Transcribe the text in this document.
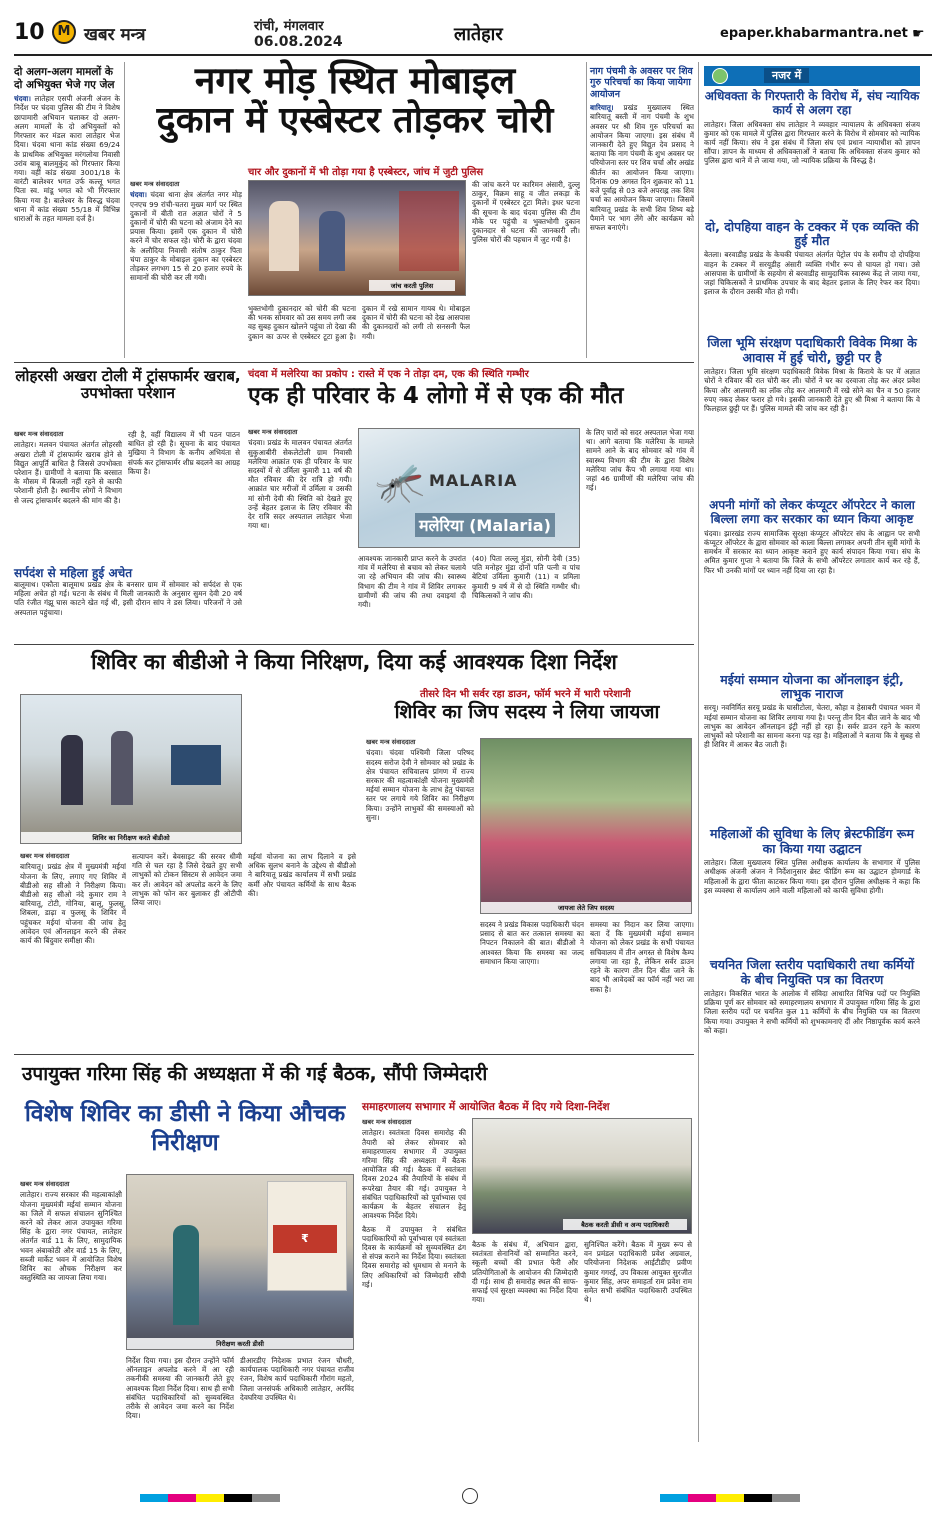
10 M खबर मन्त्र	रांची, मंगलवार
06.08.2024	लातेहार	epaper.khabarmantra.net ☛
दो अलग-अलग मामलों के दो अभियुक्त भेजे गए जेल
चंदवा। लातेहार एसपी अंजनी अंजन के निर्देश पर चंदवा पुलिस की टीम ने विशेष छापामारी अभियान चलाकर दो अलग-अलग मामलों के दो अभियुक्तों को गिरफ्तार कर मंडल कारा लातेहार भेज दिया। चंदवा थाना कांड संख्या 69/24 के प्राथमिक अभियुक्त मरंगलोया निवासी उरांव बाबू बालमुकुंद को गिरफ्तार किया गया। वहीं कांड संख्या 3001/18 के वारंटी बालेश्वर भगत उर्फ कल्लू भगत पिता स्व. मांडू भगत को भी गिरफ्तार किया गया है। बालेश्वर के विरुद्ध चंदवा थाना में कांड संख्या 55/18 में विभिन्न धाराओं के तहत मामला दर्ज है।
नगर मोड़ स्थित मोबाइल
दुकान में एस्बेस्टर तोड़कर चोरी
चार और दुकानों में भी तोड़ा गया है एस्बेस्टर, जांच में जुटी पुलिस
खबर मन्त्र संवाददाता
चंदवा। चंदवा थाना क्षेत्र अंतर्गत नगर मोड़ एनएच 99 रांची-चतरा मुख्य मार्ग पर स्थित दुकानों में बीती रात अज्ञात चोरों ने 5 दुकानों में चोरी की घटना को अंजाम देने का प्रयास किया। इसमें एक दुकान में चोरी करने में चोर सफल रहे। चोरी के द्वारा चंदवा के अलौदिया निवासी संतोष ठाकुर पिता चंपा ठाकुर के मोबाइल दुकान का एस्बेस्टर तोड़कर लगभग 15 से 20 हजार रुपये के सामानों की चोरी कर ली गयी।
जांच करती पुलिस
की जांच करने पर कारिमन अंसारी, दुल्लू ठाकुर, विक्रम साहू व जीत लकड़ा के दुकानों में एस्बेस्टर टूटा मिले। इधर घटना की सूचना के बाद चंदवा पुलिस की टीम मौके पर पहुंची व भुक्तभोगी दुकान दुकानदार से घटना की जानकारी ली। पुलिस चोरों की पहचान में जुट गयी है।
भुक्तभोगी दुकानदार को चोरी की घटना की भनक सोमवार को उस समय लगी जब वह सुबह दुकान खोलने पहुंचा तो देखा की दुकान का ऊपर से एस्बेस्टर टूटा हुआ है। दुकान में रखे सामान गायब थे। मोबाइल दुकान में चोरी की घटना को देख आसपास की दुकानदारों को लगी तो सनसनी फैल गयी।
नाग पंचमी के अवसर पर शिव गुरु परिचर्चा का किया जायेगा आयोजन
बारियातू। प्रखंड मुख्यालय स्थित बारियातू बस्ती में नाग पंचमी के शुभ अवसर पर श्री शिव गुरु परिचर्चा का आयोजन किया जाएगा। इस संबंध में जानकारी देते हुए विद्युत देव प्रसाद ने बताया कि नाग पंचमी के शुभ अवसर पर परियोजना स्तर पर शिव चर्चा और अखंड कीर्तन का आयोजन किया जाएगा। दिनांक 09 अगस्त दिन शुक्रवार को 11 बजे पूर्वाह्न से 03 बजे अपराह्न तक शिव चर्चा का आयोजन किया जाएगा। जिसमें बारियातू प्रखंड के सभी शिव शिष्य बड़े पैमाने पर भाग लेंगे और कार्यक्रम को सफल बनाएंगे।
नजर में
अधिवक्ता के गिरफ्तारी के विरोध में, संघ न्यायिक कार्य से अलग रहा
लातेहार। जिला अधिवक्ता संघ लातेहार ने व्यवहार न्यायालय के अधिवक्ता संजय कुमार को एक मामले में पुलिस द्वारा गिरफ्तार करने के विरोध में सोमवार को न्यायिक कार्य नहीं किया। संघ ने इस संबंध में जिला संघ एवं प्रधान न्यायाधीश को ज्ञापन सौंपा। ज्ञापन के माध्यम से अधिवक्ताओं ने बताया कि अधिवक्ता संजय कुमार को पुलिस द्वारा थाने में ले जाया गया, जो न्यायिक प्रक्रिया के विरुद्ध है।
दो, दोपहिया वाहन के टक्कर में एक व्यक्ति की हुई मौत
बेतला। बरवाडीह प्रखंड के केचकी पंचायत अंतर्गत पेट्रोल पंप के समीप दो दोपहिया वाहन के टक्कर में सरयूडीह अंसारी व्यक्ति गंभीर रूप से घायल हो गया। उसे आसपास के ग्रामीणों के सहयोग से बरवाडीह सामुदायिक स्वास्थ्य केंद्र ले जाया गया, जहां चिकित्सकों ने प्राथमिक उपचार के बाद बेहतर इलाज के लिए रेफर कर दिया। इलाज के दौरान उसकी मौत हो गयी।
जिला भूमि संरक्षण पदाधिकारी विवेक मिश्रा के आवास में हुई चोरी, छुट्टी पर है
लातेहार। जिला भूमि संरक्षण पदाधिकारी विवेक मिश्रा के किराये के घर में अज्ञात चोरों ने रविवार की रात चोरी कर ली। चोरों ने घर का दरवाजा तोड़ कर अंदर प्रवेश किया और आलमारी का लॉक तोड़ कर आलमारी में रखे सोने का चैन व 50 हजार रुपए नकद लेकर फरार हो गये। इसकी जानकारी देते हुए श्री मिश्रा ने बताया कि वे फिलहाल छुट्टी पर हैं। पुलिस मामले की जांच कर रही है।
अपनी मांगों को लेकर कंप्यूटर ऑपरेटर ने काला बिल्ला लगा कर सरकार का ध्यान किया आकृष्ट
चंदवा। झारखंड राज्य सामाजिक सुरक्षा कंप्यूटर ऑपरेटर संघ के आह्वान पर सभी कंप्यूटर ऑपरेटर के द्वारा सोमवार को काला बिल्ला लगाकर अपनी तीन सूत्री मांगों के समर्थन में सरकार का ध्यान आकृष्ट कराने हुए कार्य संपादन किया गया। संघ के अमित कुमार गुप्ता ने बताया कि जिले के सभी ऑपरेटर लगातार कार्य कर रहे हैं, फिर भी उनकी मांगों पर ध्यान नहीं दिया जा रहा है।
मईयां सम्मान योजना का ऑनलाइन इंट्री, लाभुक नाराज
सरयू। नवनिर्मित सरयू प्रखंड के घासीटोला, चेतरा, कौहा व हेसाबरी पंचायत भवन में मईयां सम्मान योजना का शिविर लगाया गया है। परन्तु तीन दिन बीत जाने के बाद भी लाभुक का आवेदन ऑनलाइन इंट्री नहीं हो रहा है। सर्वर डाउन रहने के कारण लाभुकों को परेशानी का सामना करना पड़ रहा है। महिलाओं ने बताया कि वे सुबह से ही शिविर में आकर बैठ जाती हैं।
महिलाओं की सुविधा के लिए ब्रेस्टफीडिंग रूम का किया गया उद्घाटन
लातेहार। जिला मुख्यालय स्थित पुलिस अधीक्षक कार्यालय के सभागार में पुलिस अधीक्षक अंजनी अंजन ने निर्देशानुसार ब्रेस्ट फीडिंग रूम का उद्घाटन होमगार्ड के महिलाओं के द्वारा फीता काटकर किया गया। इस दौरान पुलिस अधीक्षक ने कहा कि इस व्यवस्था से कार्यालय आने वाली महिलाओं को काफी सुविधा होगी।
चयनित जिला स्तरीय पदाधिकारी तथा कर्मियों के बीच नियुक्ति पत्र का वितरण
लातेहार। विकसित भारत के आलोक में संविदा आधारित विभिन्न पदों पर नियुक्ति प्रक्रिया पूर्ण कर सोमवार को समाहरणालय सभागार में उपायुक्त गरिमा सिंह के द्वारा जिला स्तरीय पदों पर चयनित कुल 11 कर्मियों के बीच नियुक्ति पत्र का वितरण किया गया। उपायुक्त ने सभी कर्मियों को शुभकामनाएं दीं और निष्ठापूर्वक कार्य करने को कहा।
लोहरसी अखरा टोली में ट्रांसफार्मर खराब, उपभोक्ता परेशान
खबर मन्त्र संवाददाता
लातेहार। मलवन पंचायत अंतर्गत लोहरसी अखरा टोली में ट्रांसफार्मर खराब होने से विद्युत आपूर्ति बाधित है जिससे उपभोक्ता परेशान हैं। ग्रामीणों ने बताया कि बरसात के मौसम में बिजली नहीं रहने से काफी परेशानी होती है। स्थानीय लोगों ने विभाग से जल्द ट्रांसफार्मर बदलने की मांग की है।
रही है, वहीं विद्यालय में भी पठन पाठन बाधित हो रही है। सूचना के बाद पंचायत मुखिया ने विभाग के कनीय अभियंता से संपर्क कर ट्रांसफार्मर शीघ्र बदलने का आग्रह किया है।
सर्पदंश से महिला हुई अचेत
बालूमाथ। एकौता बालूमाथ प्रखंड क्षेत्र के बनसार ग्राम में सोमवार को सर्पदंश से एक महिला अचेत हो गई। घटना के संबंध में मिली जानकारी के अनुसार सुमन देवी 20 वर्ष पति रंजीत गंझू घास काटने खेत गई थी, इसी दौरान सांप ने डस लिया। परिजनों ने उसे अस्पताल पहुंचाया।
चंदवा में मलेरिया का प्रकोप : रास्ते में एक ने तोड़ा दम, एक की स्थिति गम्भीर
एक ही परिवार के 4 लोगो में से एक की मौत
खबर मन्त्र संवाददाता
चंदवा। प्रखंड के मालवन पंचायत अंतर्गत सुकुआबीरी सेकलेटोली ग्राम निवासी मलेरिया आक्रांत एक ही परिवार के चार सदस्यों में से उर्मिला कुमारी 11 वर्ष की मौत रविवार की देर रात्रि हो गयी। आक्रांत चार मरीजों में उर्मिला व उसकी मां सोनी देवी की स्थिति को देखते हुए उन्हें बेहतर इलाज के लिए रविवार की देर रात्रि सदर अस्पताल लातेहार भेजा गया था।
🦟 MALARIA
मलेरिया (Malaria)
आवश्यक जानकारी प्राप्त करने के उपरांत गांव में मलेरिया से बचाव को लेकर चलाये जा रहे अभियान की जांच की। स्वास्थ्य विभाग की टीम ने गांव में शिविर लगाकर ग्रामीणों की जांच की तथा दवाइयां दी गयी।
(40) पिता लल्लू मुंडा, सोनी देवी (35) पति मनोहर मुंडा दोनों पति पत्नी व पांच बेटियां उर्मिला कुमारी (11) व प्रमिला कुमारी 9 वर्ष में से दो स्थिति गम्भीर थी। चिकित्सकों ने जांच की।
के लिए चारों को सदर अस्पताल भेजा गया था। आगे बताया कि मलेरिया के मामले सामने आने के बाद सोमवार को गांव में स्वास्थ्य विभाग की टीम के द्वारा विशेष मलेरिया जांच कैंप भी लगाया गया था। जहां 46 ग्रामीणों की मलेरिया जांच की गई।
शिविर का बीडीओ ने किया निरिक्षण, दिया कई आवश्यक दिशा निर्देश
तीसरे दिन भी सर्वर रहा डाउन, फॉर्म भरने में भारी परेशानी
शिविर का जिप सदस्य ने लिया जायजा
शिविर का निरीक्षण करते बीडीओ
खबर मन्त्र संवाददाता
चंदवा। चंदवा पश्चिमी जिला परिषद सदस्य सरोज देवी ने सोमवार को प्रखंड के क्षेत्र पंचायत सचिवालय प्रांगण में राज्य सरकार की महत्वाकांक्षी योजना मुख्यमंत्री मईयां सम्मान योजना के लाभ हेतु पंचायत स्तर पर लगाये गये शिविर का निरीक्षण किया। उन्होंने लाभुकों की समस्याओं को सुना।
जायजा लेते जिप सदस्य
खबर मन्त्र संवाददाता
बारियातू। प्रखंड क्षेत्र में मुख्यमंत्री मईयां योजना के लिए, लगाए गए शिविर में बीडीओ सह सीओ ने निरीक्षण किया। बीडीओ सह सीओ नंदे कुमार राम ने बारियातू, टोटी, गोनिया, बालू, फुलसू, शिबला, डाढ़ा व फुलसू के शिविर में पहुंचकर मईयां योजना की जांच हेतु आवेदन एवं ऑनलाइन करने की लेकर कार्य की बिंदुवार समीक्षा की।
सत्यापन करें। बेवसाइट की सरवर धीमी गति से चल रहा है जिसे देखते हुए सभी लाभुकों को टोकन सिस्टम से आवेदन जमा कर लें। आवेदन को अपलोड करने के लिए लाभुक को फोन कर बुलाकर ही ओटीपी लिया जाए।
मईयां योजना का लाभ दिलाने व इसे अधिक सुलभ बनाने के उद्देश्य से बीडीओ ने बारियातू प्रखंड कार्यालय में सभी प्रखंड कर्मी और पंचायत कर्मियों के साथ बैठक की।
सदस्य ने प्रखंड विकास पदाधिकारी चंदन प्रसाद से बात कर तत्काल समस्या का निपटन निकालने की बात। बीडीओ ने आश्वस्त किया कि समस्या का जल्द समाधान किया जाएगा।
समस्या का निदान कर लिया जाएगा। बता दें कि मुख्यमंत्री मईयां सम्मान योजना को लेकर प्रखंड के सभी पंचायत सचिवालय में तीन अगस्त से विशेष कैम्प लगाया जा रहा है, लेकिन सर्वर डाउन रहने के कारण तीन दिन बीत जाने के बाद भी आवेदकों का फॉर्म नहीं भरा जा सका है।
उपायुक्त गरिमा सिंह की अध्यक्षता में की गई बैठक, सौंपी जिम्मेदारी
विशेष शिविर का डीसी ने किया औचक निरीक्षण
समाहरणालय सभागार में आयोजित बैठक में दिए गये दिशा-निर्देश
खबर मन्त्र संवाददाता
लातेहार। राज्य सरकार की महत्वाकांक्षी योजना मुख्यमंत्री मईयां सम्मान योजना का जिले में सफल संचालन सुनिश्चित करने को लेकर आज उपायुक्त गरिमा सिंह के द्वारा नगर पंचायत, लातेहार अंतर्गत वार्ड 11 के लिए, सामुदायिक भवन अंबाकोठी और वार्ड 15 के लिए, सब्जी मार्केट भवन में आयोजित विशेष शिविर का औचक निरीक्षण कर वस्तुस्थिति का जायजा लिया गया।
₹
निरीक्षण करती डीसी
निर्देश दिया गया। इस दौरान उन्होंने फॉर्म ऑनलाइन अपलोड करने में आ रही तकनीकी समस्या की जानकारी लेते हुए आवश्यक दिशा निर्देश दिया। साथ ही सभी संबंधित पदाधिकारियों को सुव्यवस्थित तरीके से आवेदन जमा करने का निर्देश दिया।
डीआरडीए निदेशक प्रभात रंजन चौधरी, कार्यपालक पदाधिकारी नगर पंचायत राजीव रंजन, विशेष कार्य पदाधिकारी गौरांग महतो, जिला जनसंपर्क अधिकारी लातेहार, अरविंद देवघरिया उपस्थित थे।
खबर मन्त्र संवाददाता
लातेहार। स्वतंत्रता दिवस समारोह की तैयारी को लेकर सोमवार को समाहरणालय सभागार में उपायुक्त गरिमा सिंह की अध्यक्षता में बैठक आयोजित की गई। बैठक में स्वतंत्रता दिवस 2024 की तैयारियों के संबंध में रूपरेखा तैयार की गई। उपायुक्त ने संबंधित पदाधिकारियों को पूर्वाभ्यास एवं कार्यक्रम के बेहतर संचालन हेतु आवश्यक निर्देश दिये।
बैठक में उपायुक्त ने संबंधित पदाधिकारियों को पूर्वाभ्यास एवं स्वतंत्रता दिवस के कार्यक्रमों को सुव्यवस्थित ढंग से संपन्न कराने का निर्देश दिया। स्वतंत्रता दिवस समारोह को धूमधाम से मनाने के लिए अधिकारियों को जिम्मेदारी सौंपी गई।
बैठक करती डीसी व अन्य पदाधिकारी
बैठक के संबंध में, अभियान द्वारा, स्वतंत्रता सेनानियों को सम्मानित करने, स्कूली बच्चों की प्रभात फेरी और प्रतियोगिताओं के आयोजन की जिम्मेदारी दी गई। साथ ही समारोह स्थल की साफ-सफाई एवं सुरक्षा व्यवस्था का निर्देश दिया गया।
सुनिश्चित करेंगे। बैठक में मुख्य रूप से वन प्रमंडल पदाधिकारी प्रवेश अग्रवाल, परियोजना निदेशक आईटीडीए प्रवीण कुमार गगरई, उप विकास आयुक्त सुरजीत कुमार सिंह, अपर समाहर्ता राम प्रवेश राम समेत सभी संबंधित पदाधिकारी उपस्थित थे।
